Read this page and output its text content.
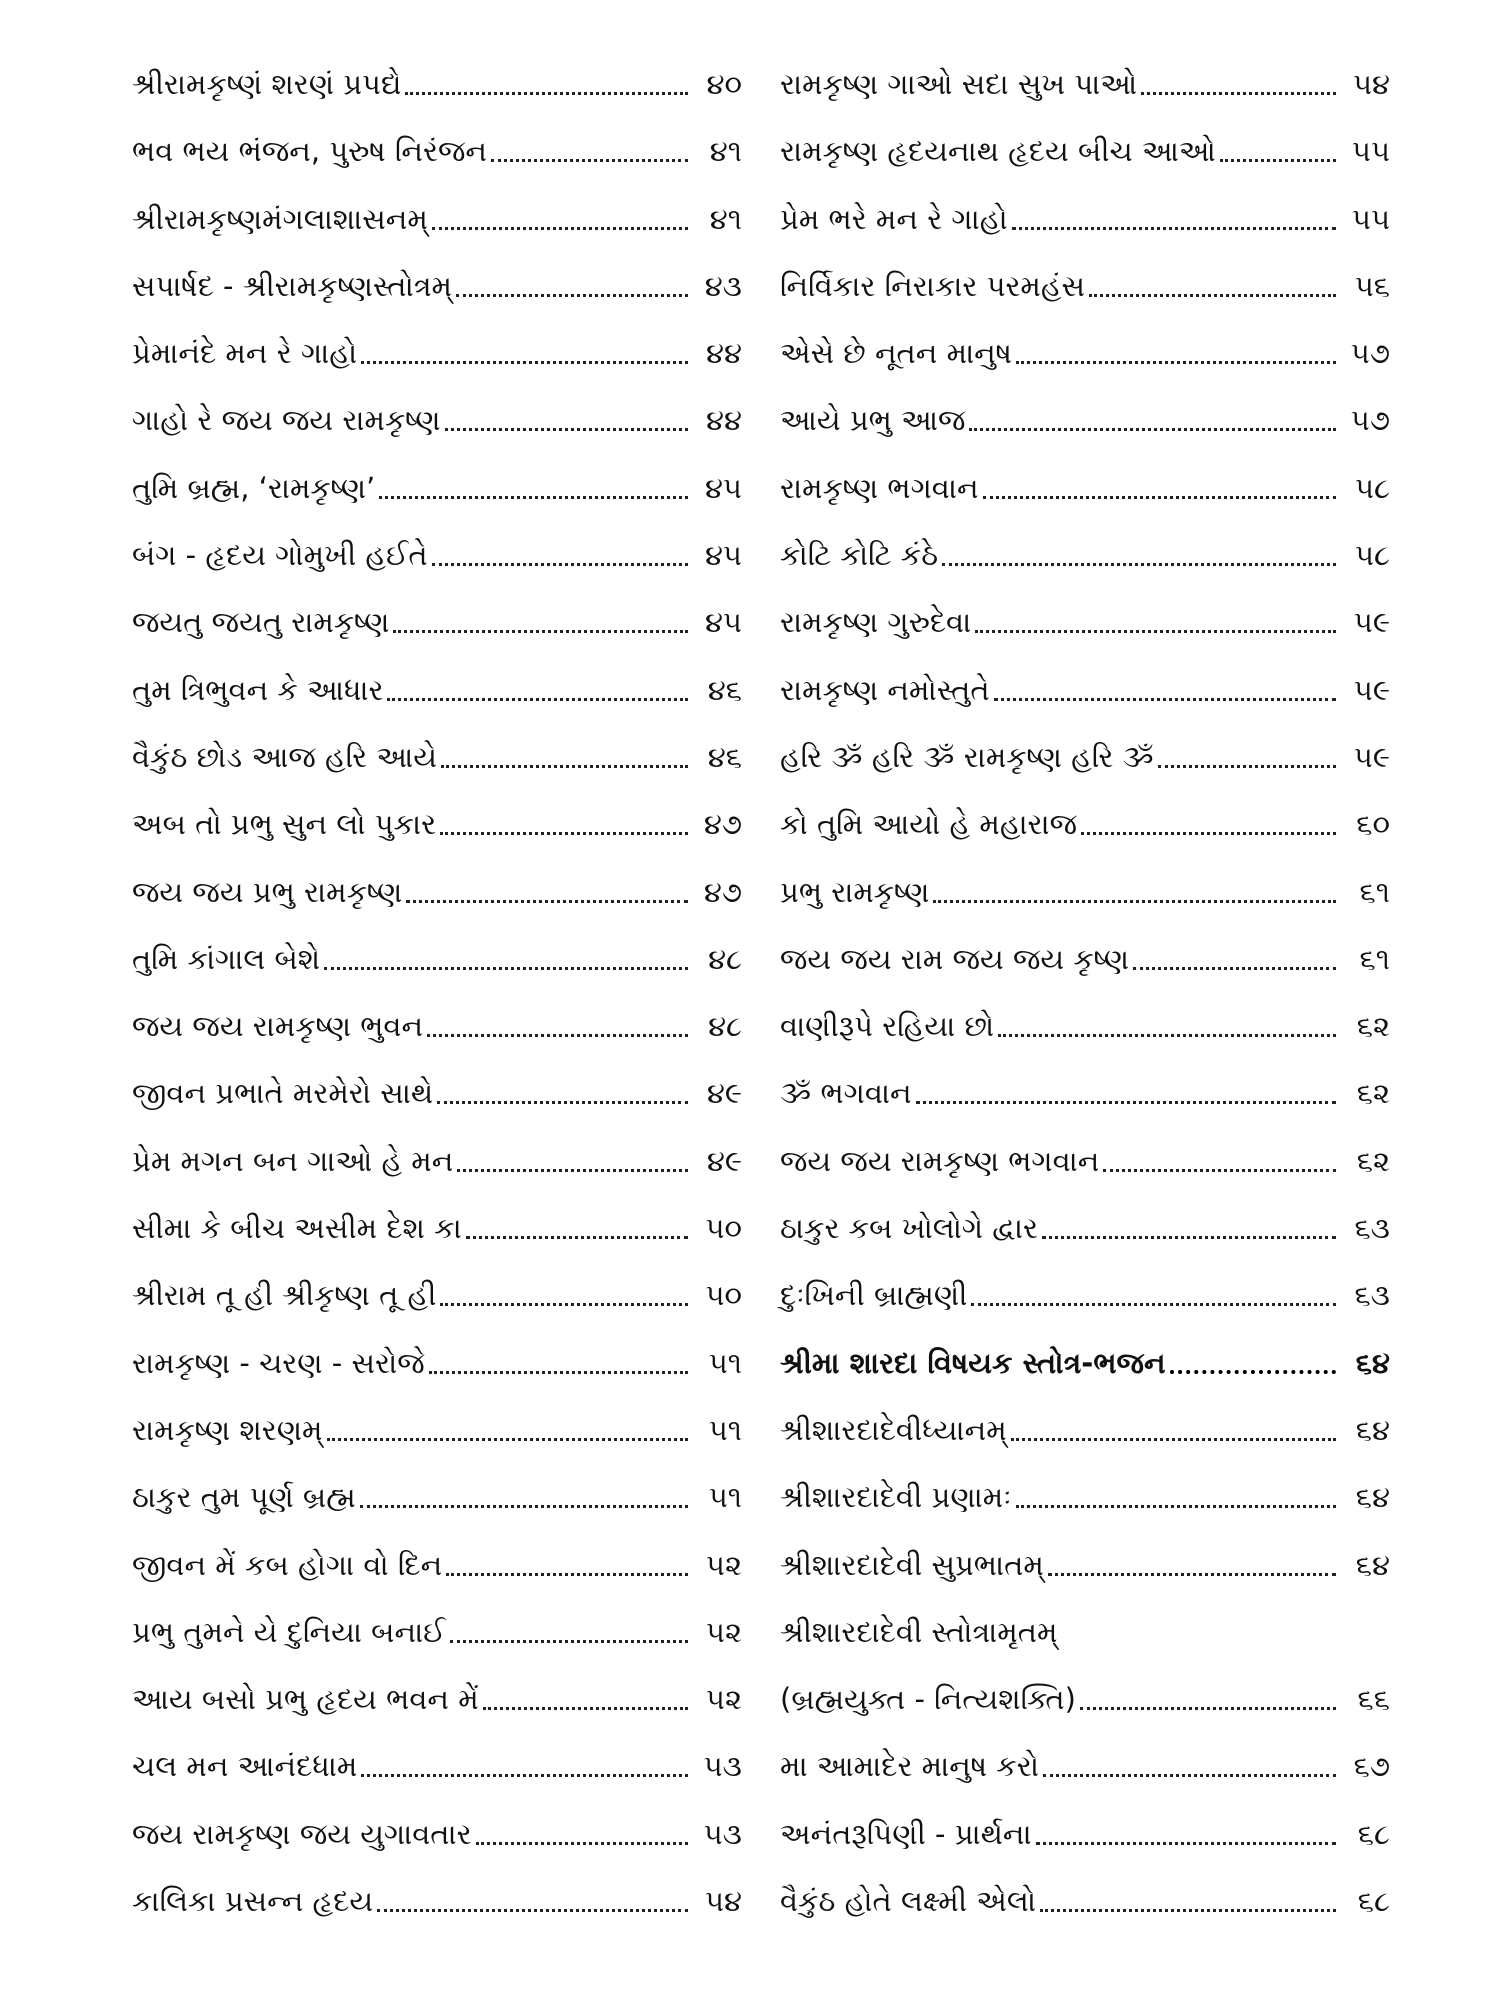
શ્રીરામકૃષ્ણં શરણં પ્રપદ્યે	૪૦
ભવ ભય ભંજન, પુરુષ નિરંજન	૪૧
શ્રીરામકૃષ્ણમંગલાશાસનમ્	૪૧
સપાર્ષદ - શ્રીરામકૃષ્ણસ્તોત્રમ્	૪૩
પ્રેમાનંદે મન રે ગાહો	૪૪
ગાહો રે જય જય રામકૃષ્ણ	૪૪
તુમિ બ્રહ્મ, ‘રામકૃષ્ણ’	૪૫
બંગ - હૃદય ગોમુખી હઈતે	૪૫
જયતુ જયતુ રામકૃષ્ણ	૪૫
તુમ ત્રિભુવન કે આધાર	૪૬
વૈકુંઠ છોડ આજ હરિ આયે	૪૬
અબ તો પ્રભુ સુન લો પુકાર	૪૭
જય જય પ્રભુ રામકૃષ્ણ	૪૭
તુમિ કાંગાલ બેશે	૪૮
જય જય રામકૃષ્ણ ભુવન	૪૮
જીવન પ્રભાતે મરમેરો સાથે	૪૯
પ્રેમ મગન બન ગાઓ હે મન	૪૯
સીમા કે બીચ અસીમ દેશ કા	૫૦
શ્રીરામ તૂ હી શ્રીકૃષ્ણ તૂ હી	૫૦
રામકૃષ્ણ - ચરણ - સરોજે	૫૧
રામકૃષ્ણ શરણમ્	૫૧
ઠાકુર તુમ પૂર્ણ બ્રહ્મ	૫૧
જીવન મેં કબ હોગા વો દિન	૫૨
પ્રભુ તુમને યે દુનિયા બનાઈ	૫૨
આય બસો પ્રભુ હૃદય ભવન મેં	૫૨
ચલ મન આનંદધામ	૫૩
જય રામકૃષ્ણ જય યુગાવતાર	૫૩
કાલિકા પ્રસન્ન હૃદય	૫૪
રામકૃષ્ણ ગાઓ સદા સુખ પાઓ	૫૪
રામકૃષ્ણ હૃદયનાથ હૃદય બીચ આઓ	૫૫
પ્રેમ ભરે મન રે ગાહો	૫૫
નિર્વિકાર નિરાકાર પરમહંસ	૫૬
એસે છે નૂતન માનુષ	૫૭
આયે પ્રભુ આજ	૫૭
રામકૃષ્ણ ભગવાન	૫૮
કોટિ કોટિ કંઠે	૫૮
રામકૃષ્ણ ગુરુદેવા	૫૯
રામકૃષ્ણ નમોસ્તુતે	૫૯
હરિ ૐ હરિ ૐ રામકૃષ્ણ હરિ ૐ	૫૯
કો તુમિ આયો હે મહારાજ	૬૦
પ્રભુ રામકૃષ્ણ	૬૧
જય જય રામ જય જય કૃષ્ણ	૬૧
વાણીરૂપે રહિયા છો	૬૨
ૐ ભગવાન	૬૨
જય જય રામકૃષ્ણ ભગવાન	૬૨
ઠાકુર કબ ખોલોગે દ્વાર	૬૩
દુઃખિની બ્રાહ્મણી	૬૩
શ્રીમા શારદા વિષયક સ્તોત્ર-ભજન	૬૪
શ્રીશારદાદેવીધ્યાનમ્	૬૪
શ્રીશારદાદેવી પ્રણામઃ	૬૪
શ્રીશારદાદેવી સુપ્રભાતમ્	૬૪
શ્રીશારદાદેવી સ્તોત્રામૃતમ્
(બ્રહ્મયુક્ત - નિત્યશક્તિ)	૬૬
મા આમાદેર માનુષ કરો	૬૭
અનંતરૂપિણી - પ્રાર્થના	૬૮
વૈકુંઠ હોતે લક્ષ્મી એલો	૬૮
